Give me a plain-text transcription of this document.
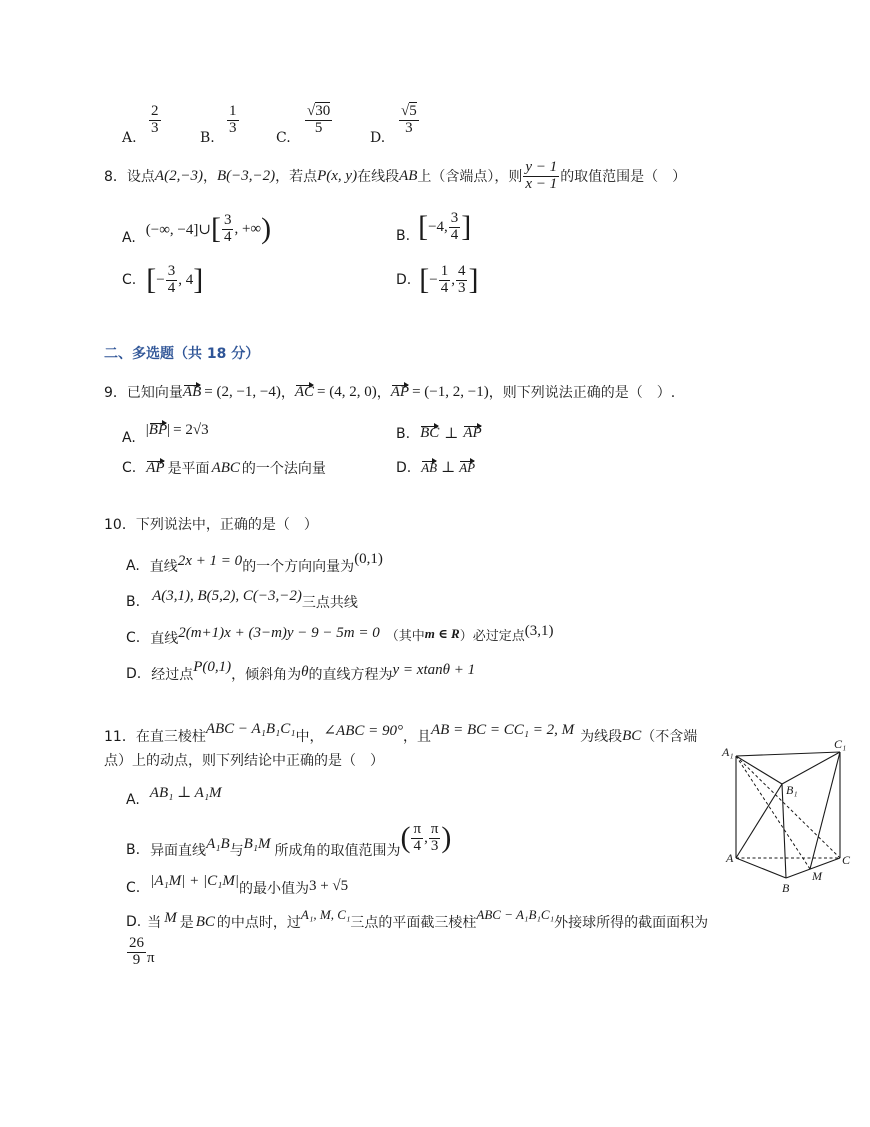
A.
$\frac{2}{3}$
B.
$\frac{1}{3}$
C.
$\frac{√30}{5}$
D.
$\frac{√5}{3}$
8．设点 A(2,−3) ， B(−3,−2) ，若点 P(x, y) 在线段 AB 上（含端点），则 $\frac{y - 1}{x - 1}$ 的取值范围是（　）
A.
(−∞, −4]∪ [ $\frac{3}{4}$ , +∞ )	B. [ −4, $\frac{3}{4}$ ]
C. [ − $\frac{3}{4}$ , 4 ]	D. [ − $\frac{1}{4}$ , $\frac{4}{3}$ ]
二、多选题（共 18 分）
9．已知向量 AB = (2, −1, −4) ， AC = (4, 2, 0) ， AP = (−1, 2, −1) ，则下列说法正确的是（　）.
A.
| BP | = 2√3	B. BC ⊥ AP
C. AP 是平面 ABC 的一个法向量	D. AB ⊥ AP
10．下列说法中，正确的是（　）
A. 直线 2x + 1 = 0 的一个方向向量为
(0,1)
B. A(3,1), B(5,2), C(−3,−2) 三点共线
C. 直线 2(m+1)x + (3−m)y − 9 − 5m = 0 （其中 m ∈ R ）必过定点 (3,1)
D. 经过点
P(0,1)
，倾斜角为 θ 的直线方程为 y = xtanθ + 1
11．在直三棱柱
ABC − A₁B₁C₁
中， ∠ABC = 90° ，且 AB = BC = CC₁ = 2, M 为线段 BC （不含端
点）上的动点，则下列结论中正确的是（　）
A. AB₁ ⊥ A₁M
B. 异面直线 A₁B 与 B₁M 所成角的取值范围为 ( $\frac{\pi}{4}$ , $\frac{\pi}{3}$ )
C. |A₁M| + |C₁M|
的最小值为 3 + √5
D. 当 M 是 BC 的中点时，过
A₁, M, C₁
三点的平面截三棱柱
ABC − A₁B₁C₁
外接球所得的截面面积为
$\frac{26}{9}$ π
A₁
C₁
B₁
A	C
B
M
